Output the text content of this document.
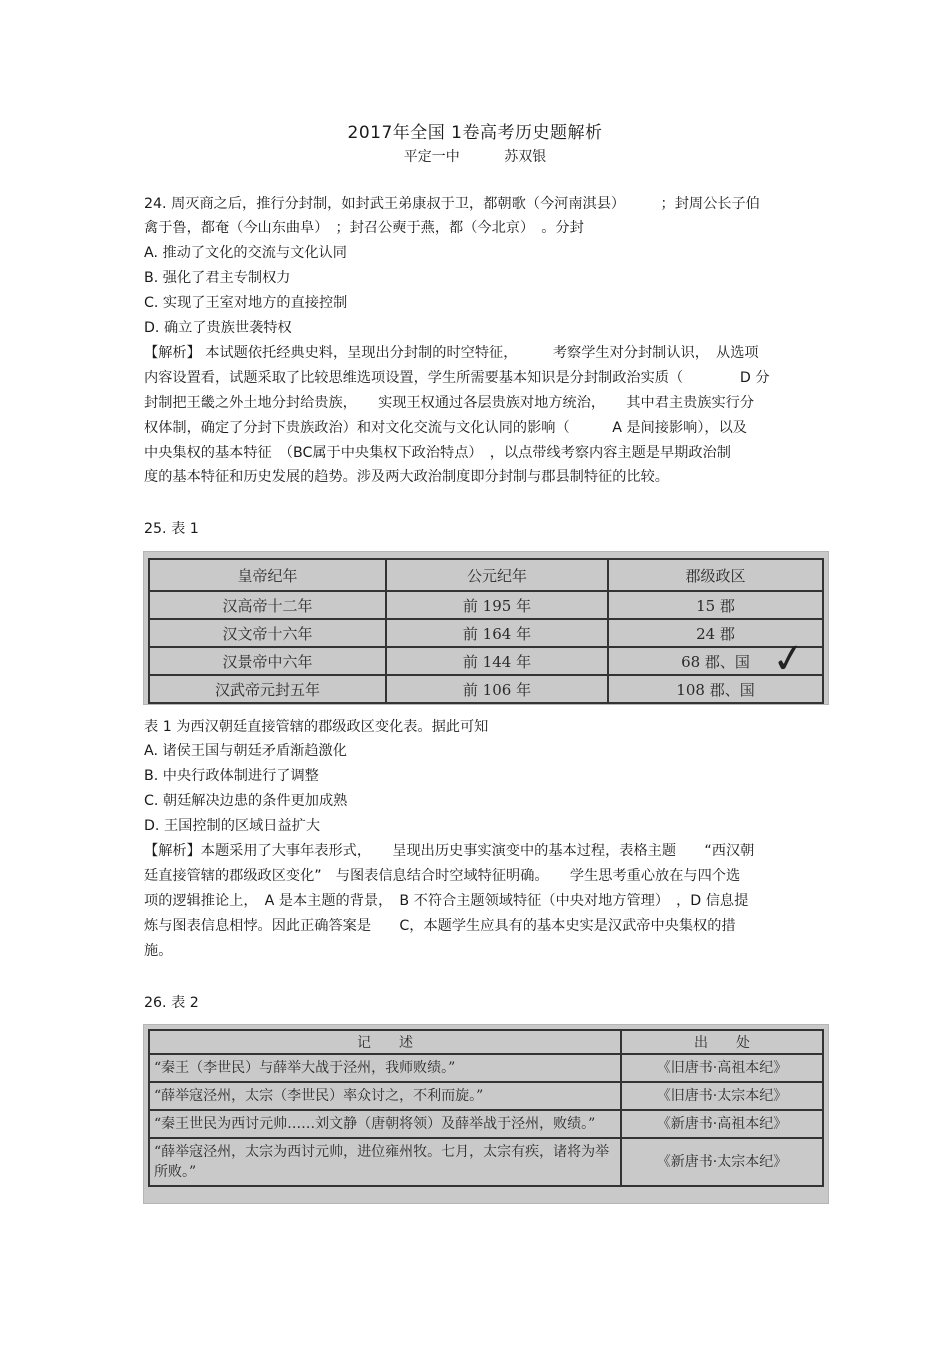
2017年全国 1卷高考历史题解析
平定一中 苏双银
24. 周灭商之后，推行分封制，如封武王弟康叔于卫，都朝歌（今河南淇县）　　　；封周公长子伯
禽于鲁，都奄（今山东曲阜）　；封召公奭于燕，都（今北京）　。分封
A. 推动了文化的交流与文化认同
B. 强化了君主专制权力
C. 实现了王室对地方的直接控制
D. 确立了贵族世袭特权
【解析】 本试题依托经典史料，呈现出分封制的时空特征，　　　考察学生对分封制认识，　从选项
内容设置看，试题采取了比较思维选项设置，学生所需要基本知识是分封制政治实质（　　　　D 分
封制把王畿之外土地分封给贵族，　　实现王权通过各层贵族对地方统治，　　其中君主贵族实行分
权体制，确定了分封下贵族政治）和对文化交流与文化认同的影响（　　　A 是间接影响），以及
中央集权的基本特征　（BC属于中央集权下政治特点）　，以点带线考察内容主题是早期政治制
度的基本特征和历史发展的趋势。涉及两大政治制度即分封制与郡县制特征的比较。
25. 表 1
皇帝纪年	公元纪年	郡级政区
汉高帝十二年	前 195 年	15 郡
汉文帝十六年	前 164 年	24 郡
汉景帝中六年	前 144 年	68 郡、国
汉武帝元封五年	前 106 年	108 郡、国
✓
表 1 为西汉朝廷直接管辖的郡级政区变化表。据此可知
A. 诸侯王国与朝廷矛盾渐趋激化
B. 中央行政体制进行了调整
C. 朝廷解决边患的条件更加成熟
D. 王国控制的区域日益扩大
【解析】本题采用了大事年表形式，　　呈现出历史事实演变中的基本过程，表格主题　　“西汉朝
廷直接管辖的郡级政区变化”　与图表信息结合时空域特征明确。　　学生思考重心放在与四个选
项的逻辑推论上，　A 是本主题的背景，　B 不符合主题领域特征（中央对地方管理）　，D 信息提
炼与图表信息相悖。因此正确答案是　　C，本题学生应具有的基本史实是汉武帝中央集权的措
施。
26. 表 2
记　　述	出　　处
“秦王（李世民）与薛举大战于泾州，我师败绩。”	《旧唐书·高祖本纪》
“薛举寇泾州，太宗（李世民）率众讨之，不利而旋。”	《旧唐书·太宗本纪》
“秦王世民为西讨元帅……刘文静（唐朝将领）及薛举战于泾州，败绩。”	《新唐书·高祖本纪》
“薛举寇泾州，太宗为西讨元帅，进位雍州牧。七月，太宗有疾，诸将为举所败。”	《新唐书·太宗本纪》
